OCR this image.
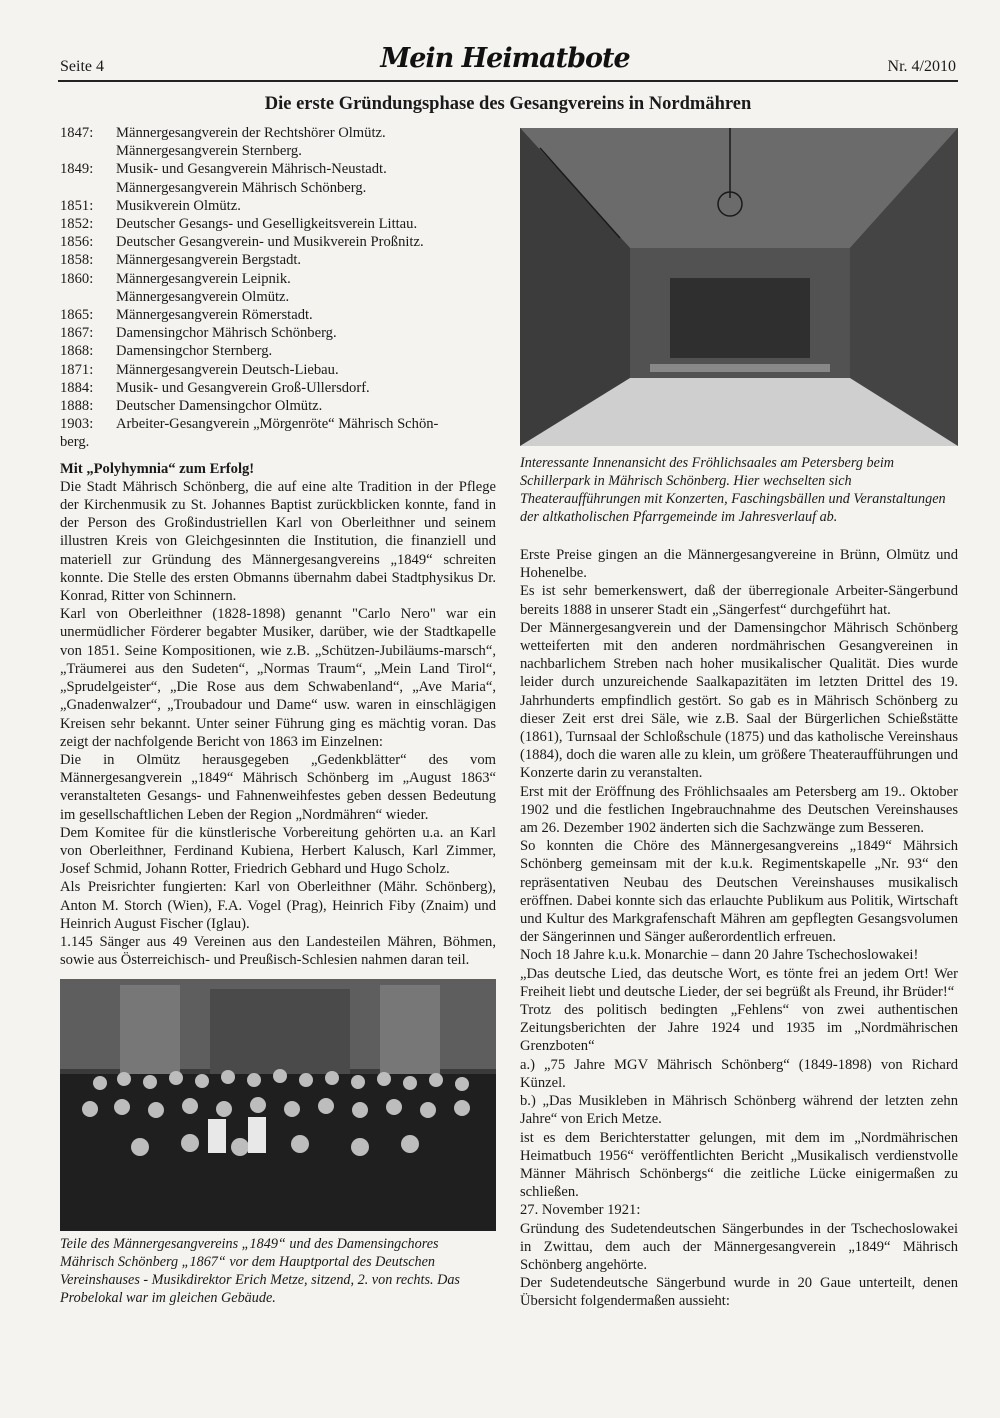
Seite 4	Mein Heimatbote	Nr. 4/2010
Die erste Gründungsphase des Gesangvereins in Nordmähren
1847:	Männergesangverein der Rechtshörer Olmütz.
Männergesangverein Sternberg.
1849:	Musik- und Gesangverein Mährisch-Neustadt.
Männergesangverein Mährisch Schönberg.
1851:	Musikverein Olmütz.
1852:	Deutscher Gesangs- und Geselligkeitsverein Littau.
1856:	Deutscher Gesangverein- und Musikverein Proßnitz.
1858:	Männergesangverein Bergstadt.
1860:	Männergesangverein Leipnik.
Männergesangverein Olmütz.
1865:	Männergesangverein Römerstadt.
1867:	Damensingchor Mährisch Schönberg.
1868:	Damensingchor Sternberg.
1871:	Männergesangverein Deutsch-Liebau.
1884:	Musik- und Gesangverein Groß-Ullersdorf.
1888:	Deutscher Damensingchor Olmütz.
1903:	Arbeiter-Gesangverein „Mörgenröte“ Mährisch Schön-
berg.
Mit „Polyhymnia“ zum Erfolg!

Die Stadt Mährisch Schönberg, die auf eine alte Tradition in der Pflege der Kirchenmusik zu St. Johannes Baptist zurückblicken konnte, fand in der Person des Großindustriellen Karl von Oberleithner und seinem illustren Kreis von Gleichgesinnten die Institution, die finanziell und materiell zur Gründung des Männergesangvereins „1849“ schreiten konnte. Die Stelle des ersten Obmanns übernahm dabei Stadtphysikus Dr. Konrad, Ritter von Schinnern.

Karl von Oberleithner (1828-1898) genannt "Carlo Nero" war ein unermüdlicher Förderer begabter Musiker, darüber, wie der Stadtkapelle von 1851. Seine Kompositionen, wie z.B. „Schützen-Jubiläums-marsch“, „Träumerei aus den Sudeten“, „Normas Traum“, „Mein Land Tirol“, „Sprudelgeister“, „Die Rose aus dem Schwabenland“, „Ave Maria“, „Gnadenwalzer“, „Troubadour und Dame“ usw. waren in einschlägigen Kreisen sehr bekannt. Unter seiner Führung ging es mächtig voran. Das zeigt der nachfolgende Bericht von 1863 im Einzelnen:

Die in Olmütz herausgegeben „Gedenkblätter“ des vom Männergesangverein „1849“ Mährisch Schönberg im „August 1863“ veranstalteten Gesangs- und Fahnenweihfestes geben dessen Bedeutung im gesellschaftlichen Leben der Region „Nordmähren“ wieder.

Dem Komitee für die künstlerische Vorbereitung gehörten u.a. an Karl von Oberleithner, Ferdinand Kubiena, Herbert Kalusch, Karl Zimmer, Josef Schmid, Johann Rotter, Friedrich Gebhard und Hugo Scholz.

Als Preisrichter fungierten: Karl von Oberleithner (Mähr. Schönberg), Anton M. Storch (Wien), F.A. Vogel (Prag), Heinrich Fiby (Znaim) und Heinrich August Fischer (Iglau).

1.145 Sänger aus 49 Vereinen aus den Landesteilen Mähren, Böhmen, sowie aus Österreichisch- und Preußisch-Schlesien nahmen daran teil.

Teile des Männergesangvereins „1849“ und des Damensingchores Mährisch Schönberg „1867“ vor dem Hauptportal des Deutschen Vereinshauses - Musikdirektor Erich Metze, sitzend, 2. von rechts. Das Probelokal war im gleichen Gebäude.
Interessante Innenansicht des Fröhlichsaales am Petersberg beim Schillerpark in Mährisch Schönberg. Hier wechselten sich Theateraufführungen mit Konzerten, Faschingsbällen und Veranstaltungen der altkatholischen Pfarrgemeinde im Jahresverlauf ab.

Erste Preise gingen an die Männergesangvereine in Brünn, Olmütz und Hohenelbe.

Es ist sehr bemerkenswert, daß der überregionale Arbeiter-Sängerbund bereits 1888 in unserer Stadt ein „Sängerfest“ durchgeführt hat.

Der Männergesangverein und der Damensingchor Mährisch Schönberg wetteiferten mit den anderen nordmährischen Gesangvereinen in nachbarlichem Streben nach hoher musikalischer Qualität. Dies wurde leider durch unzureichende Saalkapazitäten im letzten Drittel des 19. Jahrhunderts empfindlich gestört. So gab es in Mährisch Schönberg zu dieser Zeit erst drei Säle, wie z.B. Saal der Bürgerlichen Schießstätte (1861), Turnsaal der Schloßschule (1875) und das katholische Vereinshaus (1884), doch die waren alle zu klein, um größere Theateraufführungen und Konzerte darin zu veranstalten.

Erst mit der Eröffnung des Fröhlichsaales am Petersberg am 19.. Oktober 1902 und die festlichen Ingebrauchnahme des Deutschen Vereinshauses am 26. Dezember 1902 änderten sich die Sachzwänge zum Besseren.

So konnten die Chöre des Männergesangvereins „1849“ Mährsich Schönberg gemeinsam mit der k.u.k. Regimentskapelle „Nr. 93“ den repräsentativen Neubau des Deutschen Vereinshauses musikalisch eröffnen. Dabei konnte sich das erlauchte Publikum aus Politik, Wirtschaft und Kultur des Markgrafenschaft Mähren am gepflegten Gesangsvolumen der Sängerinnen und Sänger außerordentlich erfreuen.

Noch 18 Jahre k.u.k. Monarchie – dann 20 Jahre Tschechoslowakei!

„Das deutsche Lied, das deutsche Wort, es tönte frei an jedem Ort! Wer Freiheit liebt und deutsche Lieder, der sei begrüßt als Freund, ihr Brüder!“

Trotz des politisch bedingten „Fehlens“ von zwei authentischen Zeitungsberichten der Jahre 1924 und 1935 im „Nordmährischen Grenzboten“

a.) „75 Jahre MGV Mährisch Schönberg“ (1849-1898) von Richard Künzel.

b.) „Das Musikleben in Mährisch Schönberg während der letzten zehn Jahre“ von Erich Metze.

ist es dem Berichterstatter gelungen, mit dem im „Nordmährischen Heimatbuch 1956“ veröffentlichten Bericht „Musikalisch verdienstvolle Männer Mährisch Schönbergs“ die zeitliche Lücke einigermaßen zu schließen.

27. November 1921:

Gründung des Sudetendeutschen Sängerbundes in der Tschechoslowakei in Zwittau, dem auch der Männergesangverein „1849“ Mährisch Schönberg angehörte.

Der Sudetendeutsche Sängerbund wurde in 20 Gaue unterteilt, denen Übersicht folgendermaßen aussieht:
